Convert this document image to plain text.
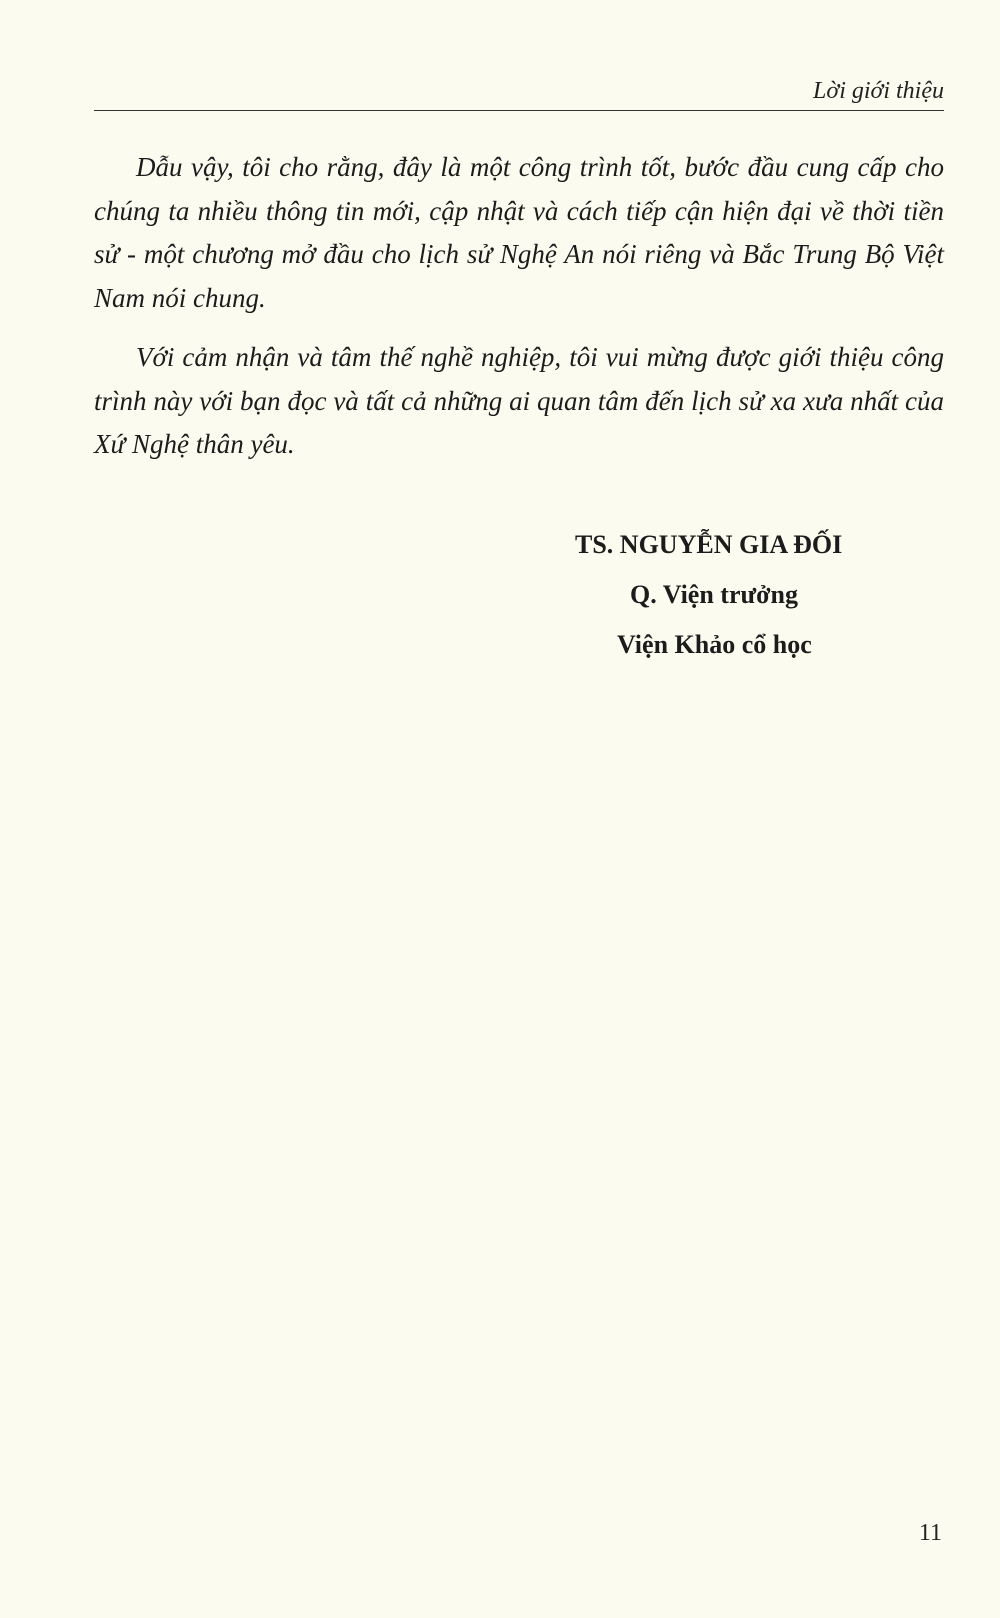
Lời giới thiệu

Dẫu vậy, tôi cho rằng, đây là một công trình tốt, bước đầu cung cấp cho chúng ta nhiều thông tin mới, cập nhật và cách tiếp cận hiện đại về thời tiền sử - một chương mở đầu cho lịch sử Nghệ An nói riêng và Bắc Trung Bộ Việt Nam nói chung.

Với cảm nhận và tâm thế nghề nghiệp, tôi vui mừng được giới thiệu công trình này với bạn đọc và tất cả những ai quan tâm đến lịch sử xa xưa nhất của Xứ Nghệ thân yêu.

TS. NGUYỄN GIA ĐỐI
Q. Viện trưởng
Viện Khảo cổ học
11
